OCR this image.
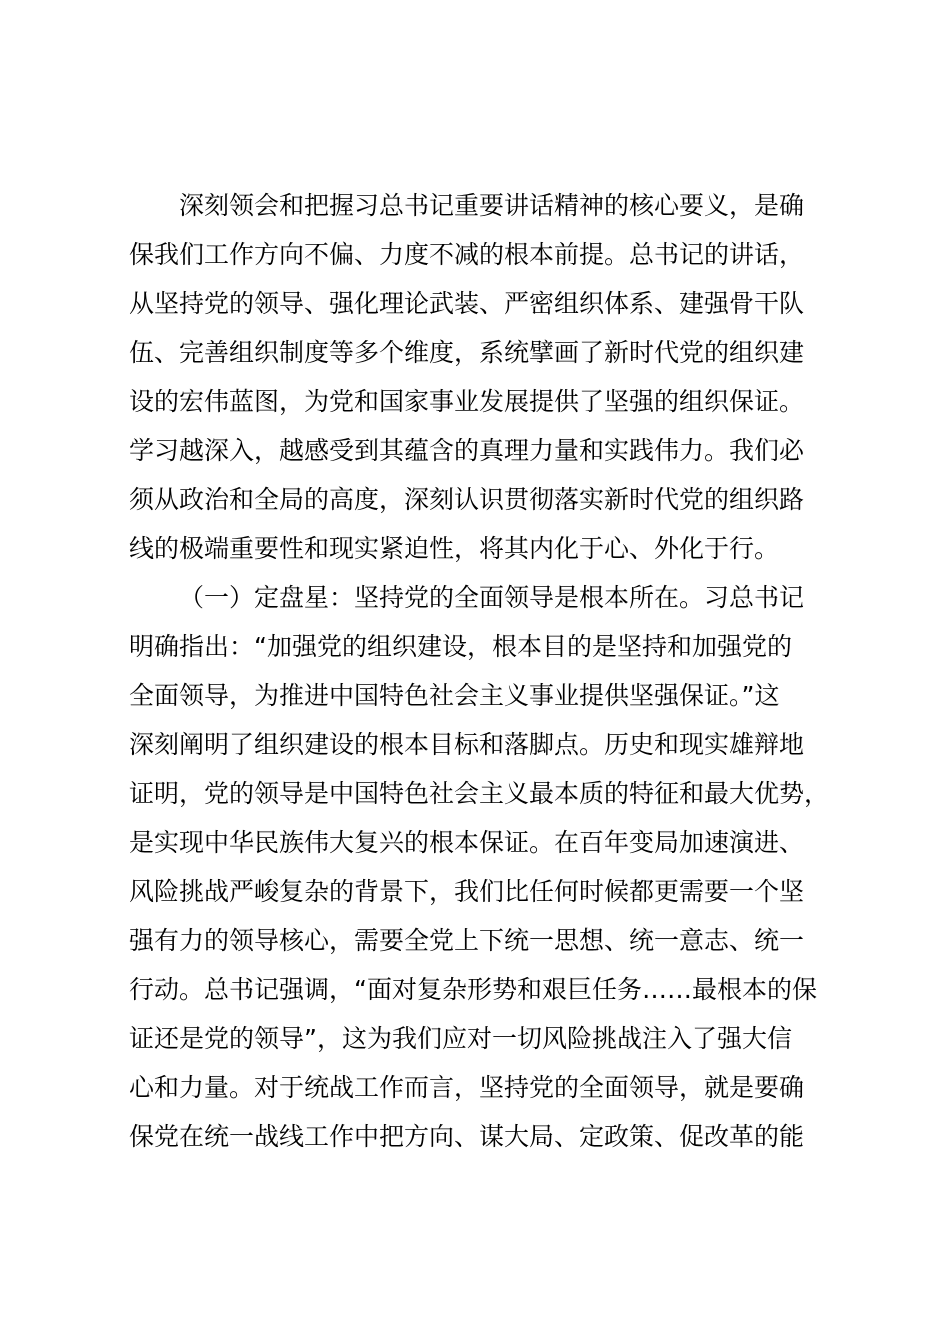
深刻领会和把握习总书记重要讲话精神的核心要义，是确
保我们工作方向不偏、力度不减的根本前提。总书记的讲话，
从坚持党的领导、强化理论武装、严密组织体系、建强骨干队
伍、完善组织制度等多个维度，系统擘画了新时代党的组织建
设的宏伟蓝图，为党和国家事业发展提供了坚强的组织保证。
学习越深入，越感受到其蕴含的真理力量和实践伟力。我们必
须从政治和全局的高度，深刻认识贯彻落实新时代党的组织路
线的极端重要性和现实紧迫性，将其内化于心、外化于行。
（一）定盘星：坚持党的全面领导是根本所在。习总书记
明确指出：“加强党的组织建设，根本目的是坚持和加强党的
全面领导，为推进中国特色社会主义事业提供坚强保证。”这
深刻阐明了组织建设的根本目标和落脚点。历史和现实雄辩地
证明，党的领导是中国特色社会主义最本质的特征和最大优势，
是实现中华民族伟大复兴的根本保证。在百年变局加速演进、
风险挑战严峻复杂的背景下，我们比任何时候都更需要一个坚
强有力的领导核心，需要全党上下统一思想、统一意志、统一
行动。总书记强调，“面对复杂形势和艰巨任务……最根本的保
证还是党的领导”，这为我们应对一切风险挑战注入了强大信
心和力量。对于统战工作而言，坚持党的全面领导，就是要确
保党在统一战线工作中把方向、谋大局、定政策、促改革的能
